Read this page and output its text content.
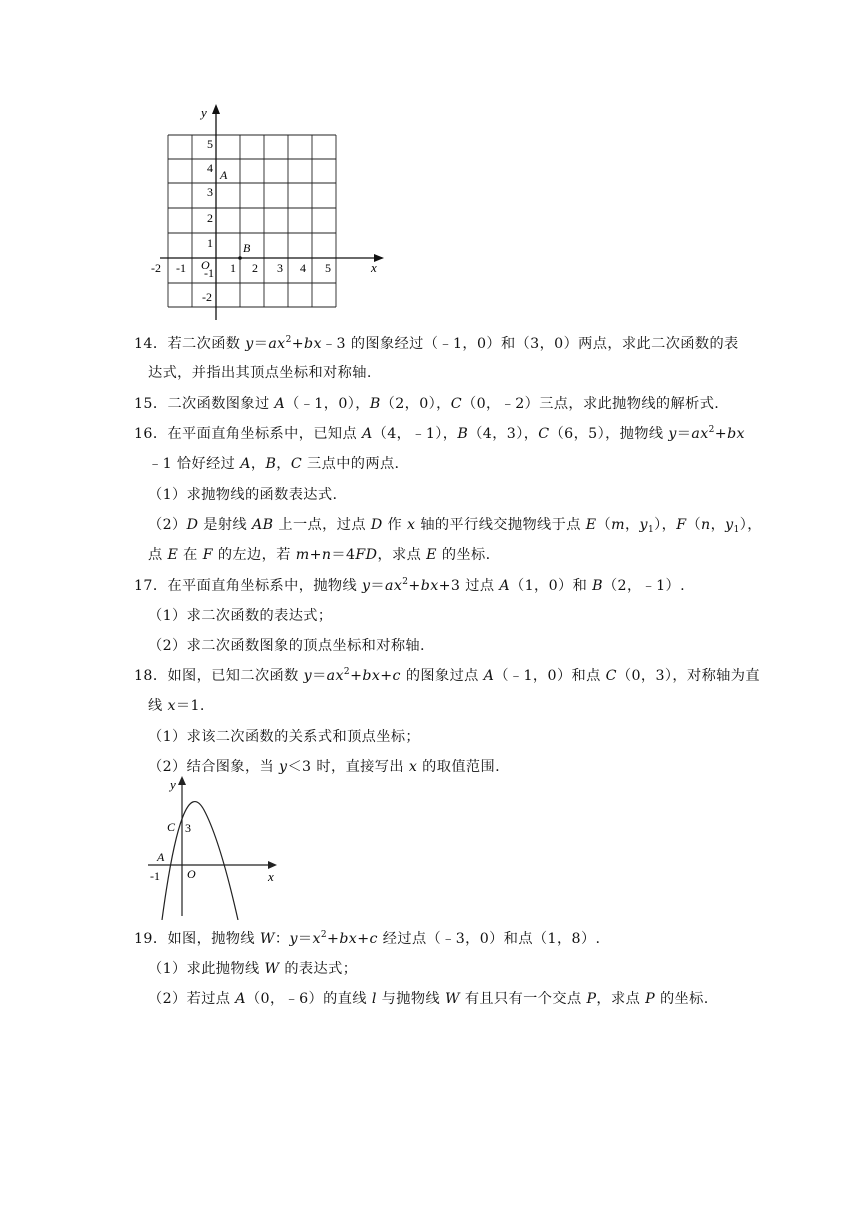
y
x
O
A
B
5
4
3
2
1
-1
-2
-2 -1	1 2 3 4 5
14．若二次函数 $y=ax^2+bx﹣3$ 的图象经过（﹣1，0）和（3，0）两点，求此二次函数的表
达式，并指出其顶点坐标和对称轴.
15．二次函数图象过 A（﹣1，0），B（2，0），C（0，﹣2）三点，求此抛物线的解析式.
16．在平面直角坐标系中，已知点 A（4，﹣1），B（4，3），C（6，5），抛物线 $y=ax^2+bx$
﹣1 恰好经过 A，B，C 三点中的两点.
（1）求抛物线的函数表达式.
（2）D 是射线 AB 上一点，过点 D 作 x 轴的平行线交抛物线于点 E（m，$y_1$），F（n，$y_1$），
点 E 在 F 的左边，若 m+n＝4FD，求点 E 的坐标.
17．在平面直角坐标系中，抛物线 $y=ax^2+bx+3$ 过点 A（1，0）和 B（2，﹣1）.
（1）求二次函数的表达式；
（2）求二次函数图象的顶点坐标和对称轴.
18．如图，已知二次函数 $y=ax^2+bx+c$ 的图象过点 A（﹣1，0）和点 C（0，3），对称轴为直
线 x＝1.
（1）求该二次函数的关系式和顶点坐标；
（2）结合图象，当 y＜3 时，直接写出 x 的取值范围.
y
x
O
C 3
A
-1
19．如图，抛物线 W：$y=x^2+bx+c$ 经过点（﹣3，0）和点（1，8）.
（1）求此抛物线 W 的表达式；
（2）若过点 A（0，﹣6）的直线 l 与抛物线 W 有且只有一个交点 P，求点 P 的坐标.
